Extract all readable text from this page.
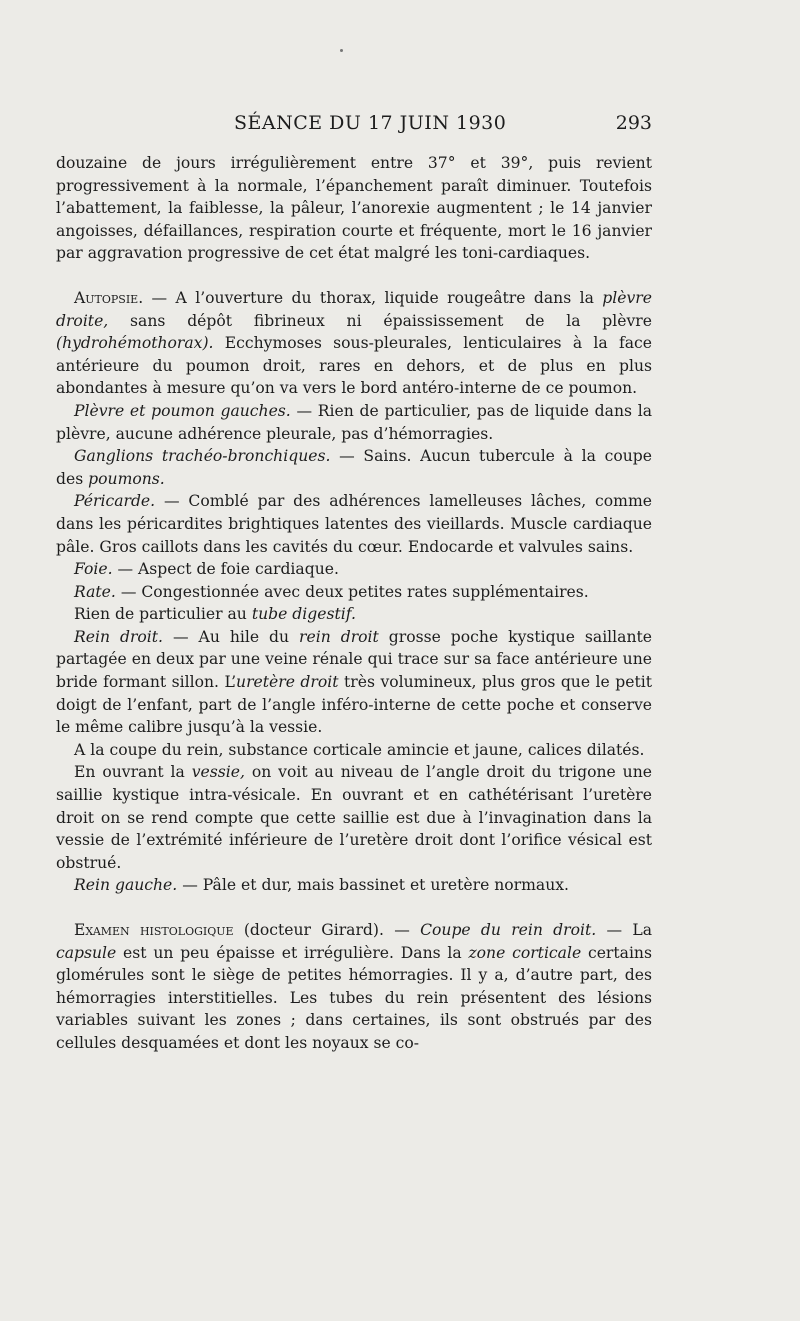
SÉANCE DU 17 JUIN 1930	293

douzaine de jours irrégulièrement entre 37° et 39°, puis revient progressivement à la normale, l’épanchement paraît diminuer. Toutefois l’abattement, la faiblesse, la pâleur, l’anorexie augmentent ; le 14 janvier angoisses, défaillances, respiration courte et fréquente, mort le 16 janvier par aggravation progressive de cet état malgré les toni-cardiaques.

Autopsie. — A l’ouverture du thorax, liquide rougeâtre dans la plèvre droite, sans dépôt fibrineux ni épaississement de la plèvre (hydrohémothorax). Ecchymoses sous-pleurales, lenticulaires à la face antérieure du poumon droit, rares en dehors, et de plus en plus abondantes à mesure qu’on va vers le bord antéro-interne de ce poumon.

Plèvre et poumon gauches. — Rien de particulier, pas de liquide dans la plèvre, aucune adhérence pleurale, pas d’hémorragies.

Ganglions trachéo-bronchiques. — Sains. Aucun tubercule à la coupe des poumons.

Péricarde. — Comblé par des adhérences lamelleuses lâches, comme dans les péricardites brightiques latentes des vieillards. Muscle cardiaque pâle. Gros caillots dans les cavités du cœur. Endocarde et valvules sains.

Foie. — Aspect de foie cardiaque.

Rate. — Congestionnée avec deux petites rates supplémentaires.

Rien de particulier au tube digestif.

Rein droit. — Au hile du rein droit grosse poche kystique saillante partagée en deux par une veine rénale qui trace sur sa face antérieure une bride formant sillon. L’uretère droit très volumineux, plus gros que le petit doigt de l’enfant, part de l’angle inféro-interne de cette poche et conserve le même calibre jusqu’à la vessie.

A la coupe du rein, substance corticale amincie et jaune, calices dilatés.

En ouvrant la vessie, on voit au niveau de l’angle droit du trigone une saillie kystique intra-vésicale. En ouvrant et en cathétérisant l’uretère droit on se rend compte que cette saillie est due à l’invagination dans la vessie de l’extrémité inférieure de l’uretère droit dont l’orifice vésical est obstrué.

Rein gauche. — Pâle et dur, mais bassinet et uretère normaux.

Examen histologique (docteur Girard). — Coupe du rein droit. — La capsule est un peu épaisse et irrégulière. Dans la zone corticale certains glomérules sont le siège de petites hémorragies. Il y a, d’autre part, des hémorragies interstitielles. Les tubes du rein présentent des lésions variables suivant les zones ; dans certaines, ils sont obstrués par des cellules desquamées et dont les noyaux se co-
